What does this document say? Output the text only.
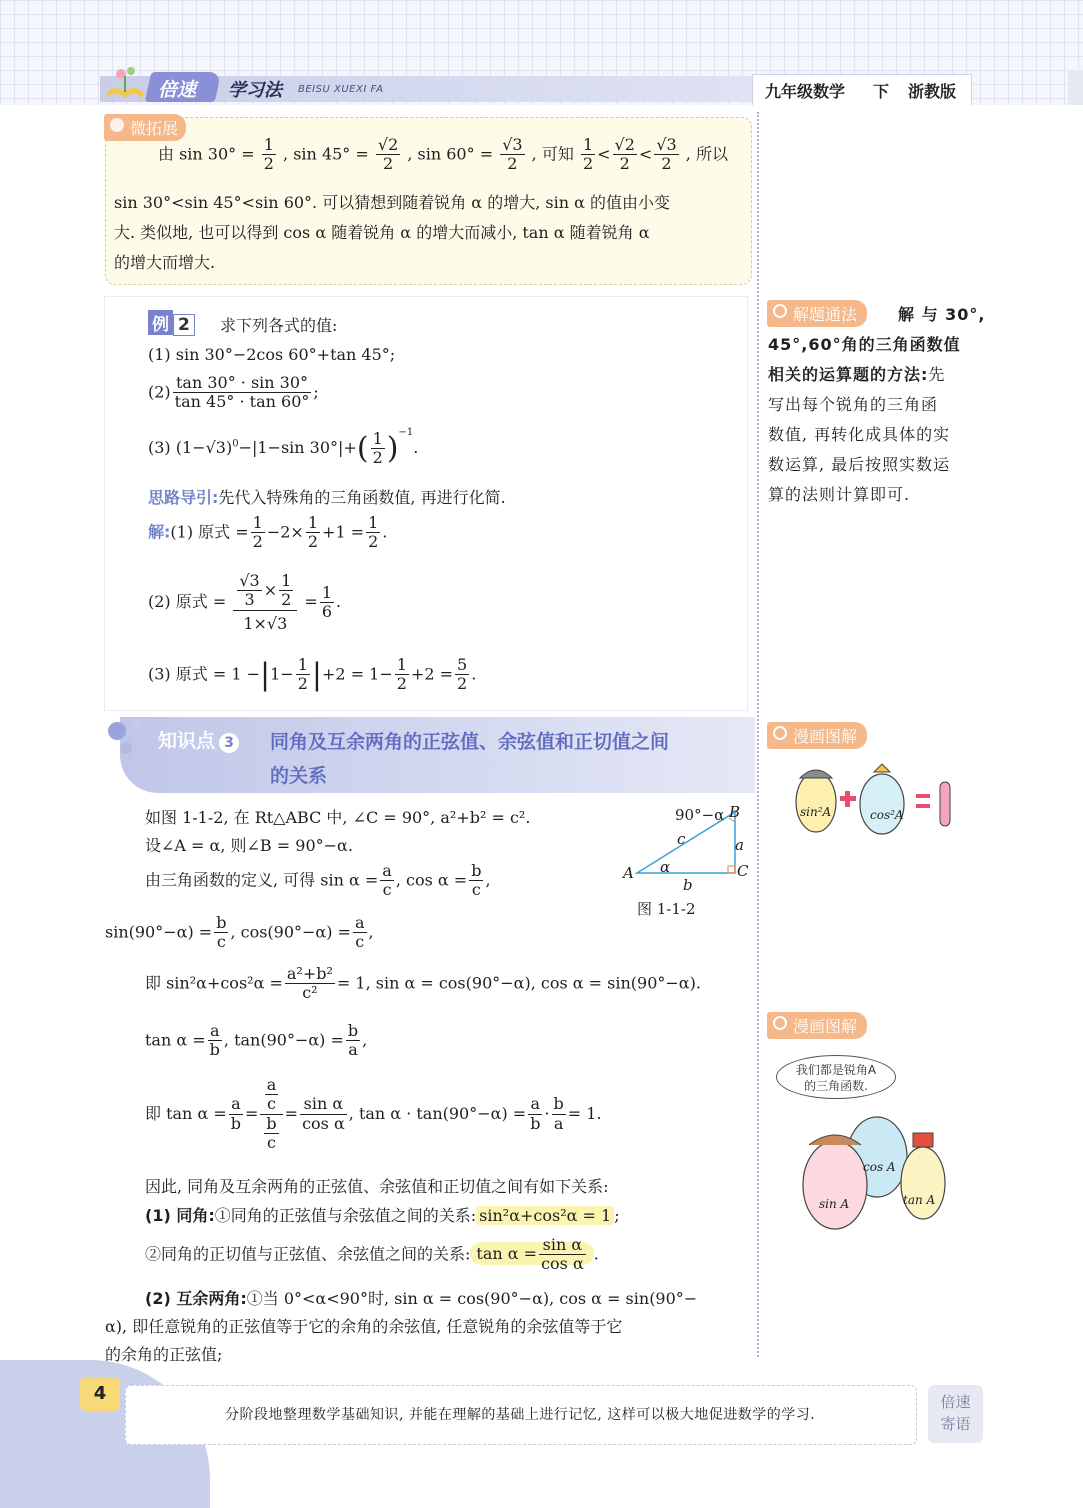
倍速 学习法 BEISU XUEXI FA	九年级数学 下 浙教版
微拓展
由 $\sin 30^\circ = \frac{1}{2}$ , $\sin 45^\circ = \frac{√2}{2}$ , $\sin 60^\circ = \frac{√3}{2}$ , 可知 $\frac{1}{2} < \frac{√2}{2} < \frac{√3}{2}$ , 所以
sin 30°<sin 45°<sin 60°. 可以猜想到随着锐角 α 的增大, sin α 的值由小变
大. 类似地, 也可以得到 cos α 随着锐角 α 的增大而减小, tan α 随着锐角 α
的增大而增大.
例 2	求下列各式的值:
(1) sin 30°−2cos 60°+tan 45°;
$(2) \frac{\tan 30^\circ \cdot \sin 30^\circ}{\tan 45^\circ \cdot \tan 60^\circ}$ ;
(3) $(1-√3)^0-|1-\sin$ $30^\circ|+( \frac{1}{2} )^{-1}$.
思路导引:先代入特殊角的三角函数值, 再进行化简.
解:(1) 原式 = $\frac{1}{2} -2\times \frac{1}{2} +1 = \frac{1}{2}$ .
(2) 原式 = $\frac{\frac{√3}{3} \times \frac{1}{2}}{1\times√3} = \frac{1}{6}$ .
(3) 原式 = $1 -|1- \frac{1}{2} |+2 = 1- \frac{1}{2} +2 = \frac{5}{2}$ .
解题通法	解 与 30°,
45°,60°角的三角函数值
相关的运算题的方法:先
写出每个锐角的三角函
数值, 再转化成具体的实
数运算, 最后按照实数运
算的法则计算即可.
知识点 3 同角及互余两角的正弦值、余弦值和正切值之间
的关系
如图 1-1-2, 在 Rt△ABC 中, ∠C = 90°, a²+b² = c².
设∠A = α, 则∠B = 90°−α.
由三角函数的定义, 可得 $\sin \alpha = \frac{a}{c}$ , $\cos \alpha = \frac{b}{c}$ ,
$\sin(90^\circ-\alpha) = \frac{b}{c}$ , $\cos(90^\circ-\alpha) = \frac{a}{c}$ ,
即 $\sin^2\alpha+\cos^2\alpha = \frac{\text{a²+b²}}{\text{c²}} = 1$, sin α = cos(90°−α), cos α = sin(90°−α).
$\tan \alpha = \frac{a}{b}$ , $\tan(90^\circ-\alpha) = \frac{b}{a}$ ,
即 $\tan \alpha = \frac{a}{b} = \frac{\frac{a}{c}}{\frac{b}{c}} = \frac{\text{sin α}}{\text{cos α}}$ , $\tan \alpha \cdot \tan(90^\circ-\alpha) = \frac{a}{b} \cdot \frac{b}{a} = 1$.
因此, 同角及互余两角的正弦值、余弦值和正切值之间有如下关系:
(1) 同角:①同角的正弦值与余弦值之间的关系: sin²α+cos²α = 1 ;
②同角的正切值与正弦值、余弦值之间的关系: $\tan \alpha = \frac{\text{sin α}}{\text{cos α}}$ .
(2) 互余两角:①当 0°<α<90°时, sin α = cos(90°−α), cos α = sin(90°−
α), 即任意锐角的正弦值等于它的余角的余弦值, 任意锐角的余弦值等于它
的余角的正弦值;
90°−α B
c	a
α
A	C
b
图 1-1-2
漫画图解
sin²A	cos²A
漫画图解
我们都是锐角A
的三角函数.
cos A
sin A	tan A
4
分阶段地整理数学基础知识, 并能在理解的基础上进行记忆, 这样可以极大地促进数学的学习.
倍速
寄语
